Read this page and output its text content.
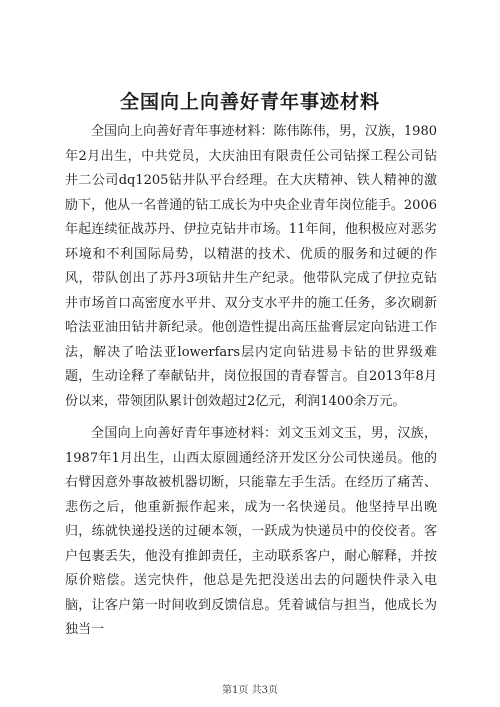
全国向上向善好青年事迹材料

全国向上向善好青年事迹材料：陈伟陈伟，男，汉族，1980年2月出生，中共党员，大庆油田有限责任公司钻探工程公司钻井二公司dq1205钻井队平台经理。在大庆精神、铁人精神的激励下，他从一名普通的钻工成长为中央企业青年岗位能手。2006年起连续征战苏丹、伊拉克钻井市场。11年间，他积极应对恶劣环境和不利国际局势，以精湛的技术、优质的服务和过硬的作风，带队创出了苏丹3项钻井生产纪录。他带队完成了伊拉克钻井市场首口高密度水平井、双分支水平井的施工任务，多次刷新哈法亚油田钻井新纪录。他创造性提出高压盐膏层定向钻进工作法，解决了哈法亚lowerfars层内定向钻进易卡钻的世界级难题，生动诠释了奉献钻井，岗位报国的青春誓言。自2013年8月份以来，带领团队累计创效超过2亿元，利润1400余万元。

全国向上向善好青年事迹材料：刘文玉刘文玉，男，汉族，1987年1月出生，山西太原圆通经济开发区分公司快递员。他的右臂因意外事故被机器切断，只能靠左手生活。在经历了痛苦、悲伤之后，他重新振作起来，成为一名快递员。他坚持早出晚归，练就快递投送的过硬本领，一跃成为快递员中的佼佼者。客户包裹丢失，他没有推卸责任，主动联系客户，耐心解释，并按原价赔偿。送完快件，他总是先把没送出去的问题快件录入电脑，让客户第一时间收到反馈信息。凭着诚信与担当，他成长为独当一

第1页 共3页
